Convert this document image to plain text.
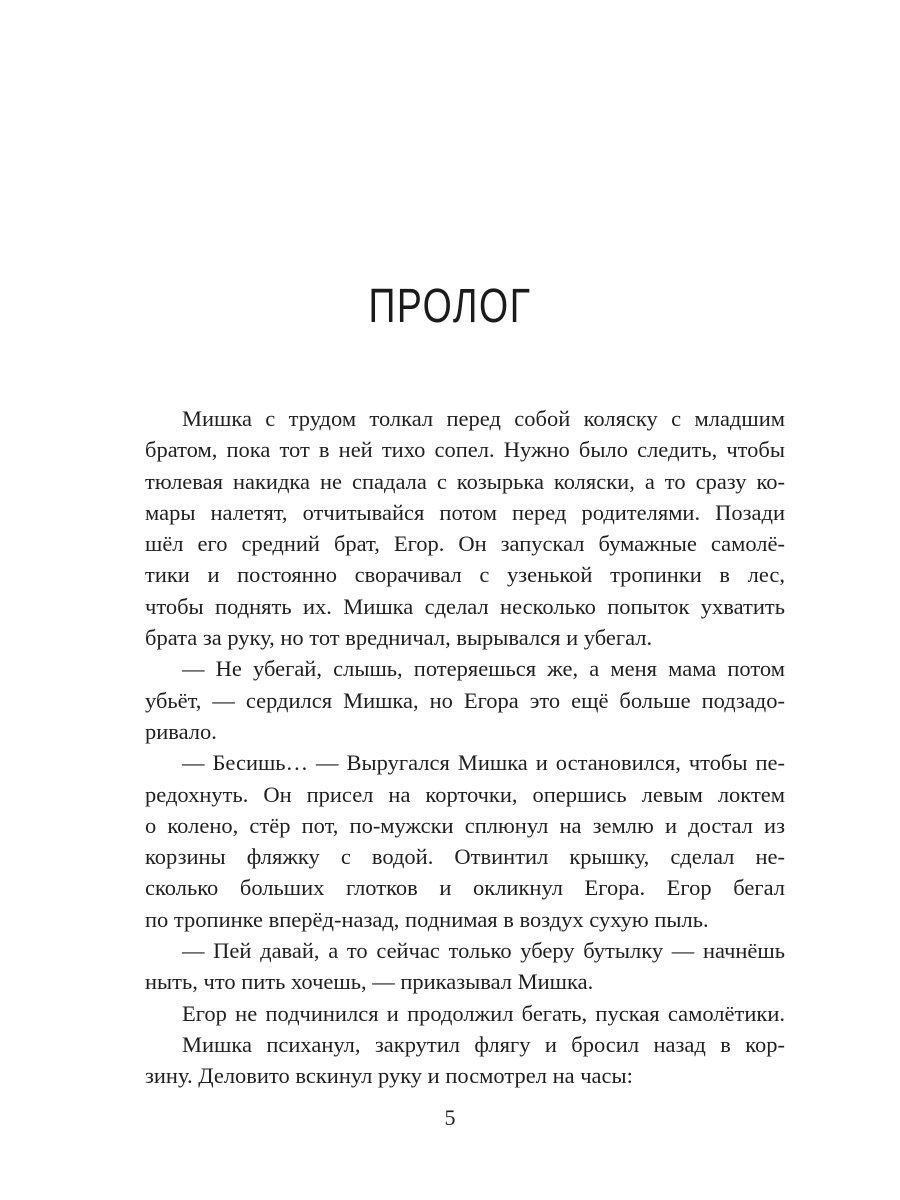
ПРОЛОГ
Мишка с трудом толкал перед собой коляску с младшим
братом, пока тот в ней тихо сопел. Нужно было следить, чтобы
тюлевая накидка не спадала с козырька коляски, а то сразу ко-
мары налетят, отчитывайся потом перед родителями. Позади
шёл его средний брат, Егор. Он запускал бумажные самолё-
тики и постоянно сворачивал с узенькой тропинки в лес,
чтобы поднять их. Мишка сделал несколько попыток ухватить
брата за руку, но тот вредничал, вырывался и убегал.
— Не убегай, слышь, потеряешься же, а меня мама потом
убьёт, — сердился Мишка, но Егора это ещё больше подзадо-
ривало.
— Бесишь… — Выругался Мишка и остановился, чтобы пе-
редохнуть. Он присел на корточки, опершись левым локтем
о колено, стёр пот, по-мужски сплюнул на землю и достал из
корзины фляжку с водой. Отвинтил крышку, сделал не-
сколько больших глотков и окликнул Егора. Егор бегал
по тропинке вперёд-назад, поднимая в воздух сухую пыль.
— Пей давай, а то сейчас только уберу бутылку — начнёшь
ныть, что пить хочешь, — приказывал Мишка.
Егор не подчинился и продолжил бегать, пуская самолётики.
Мишка психанул, закрутил флягу и бросил назад в кор-
зину. Деловито вскинул руку и посмотрел на часы:
5
